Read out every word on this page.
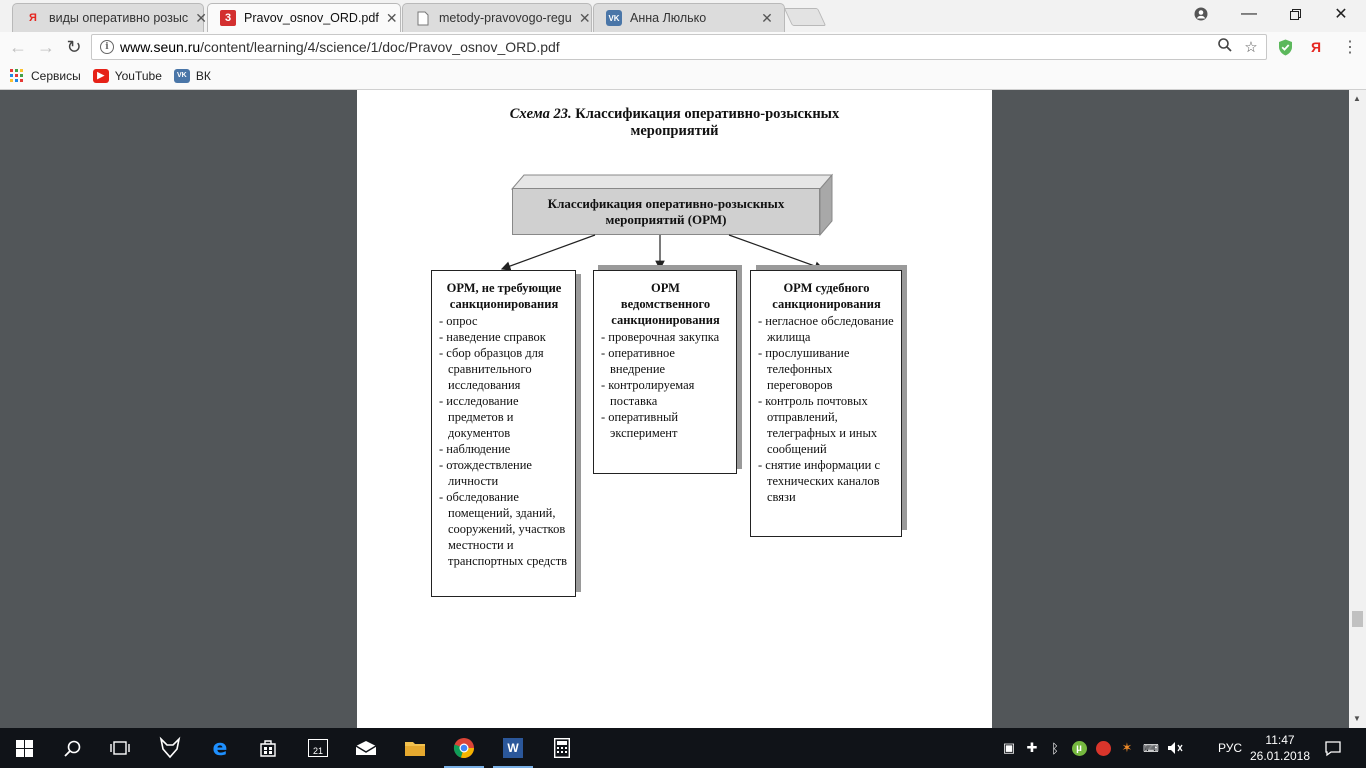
Я виды оперативно розыс ✕	3	Pravov_osnov_ORD.pdf ✕	metody-pravovogo-regu ✕	VK Анна Люлько	✕	—	✕
← → ↻	i www.seun.ru/content/learning/4/science/1/doc/Pravov_osnov_ORD.pdf	☆	Я	⋮
Сервисы	▶ YouTube	VK ВК
Схема 23. Классификация оперативно-розыскных
мероприятий
Классификация оперативно-розыскных
мероприятий (ОРМ)
ОРМ, не требующие
санкционирования
- опрос
- наведение справок
- сбор образцов для сравнительного исследования
- исследование предметов и документов
- наблюдение
- отождествление личности
- обследование помещений, зданий, сооружений, участков местности и транспортных средств
ОРМ
ведомственного
санкционирования
- проверочная закупка
- оперативное внедрение
- контролируемая поставка
- оперативный эксперимент
ОРМ судебного
санкционирования
- негласное обследование жилища
- прослушивание телефонных переговоров
- контроль почтовых отправлений, телеграфных и иных сообщений
- снятие информации с технических каналов связи
▲
▼
e	21	W	▣ ✚	ᛒ	µ	✶ ⌨	РУС
11:47
26.01.2018
